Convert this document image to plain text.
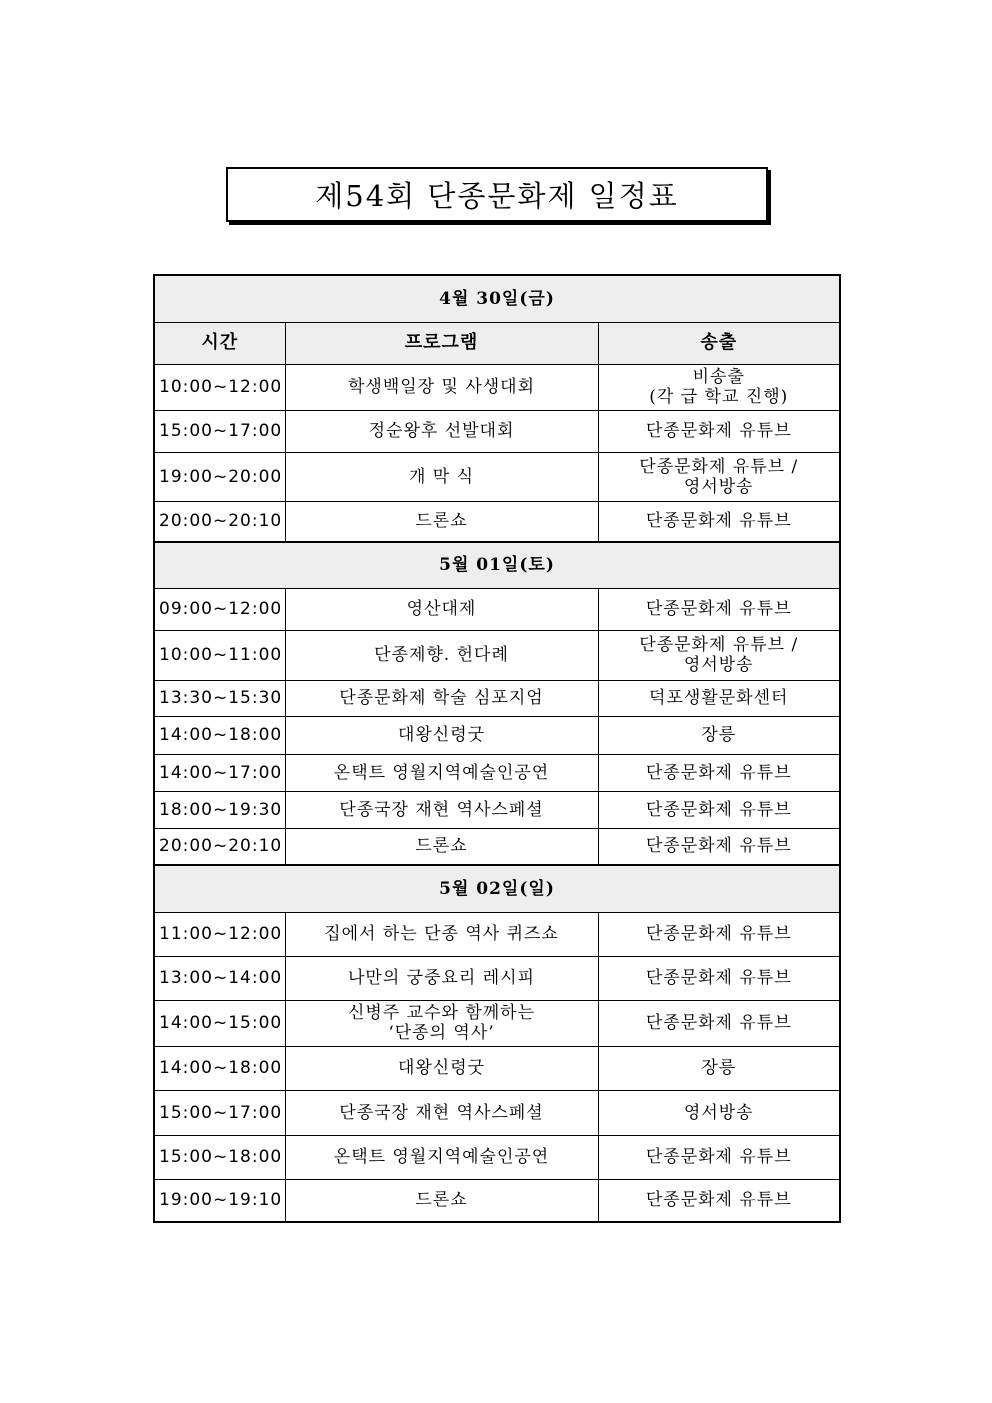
제54회 단종문화제 일정표
4월 30일(금)		
시간	프로그램	송출
10:00~12:00	학생백일장 및 사생대회	비송출
(각 급 학교 진행)

15:00~17:00	정순왕후 선발대회	단종문화제 유튜브

19:00~20:00	개 막 식	단종문화제 유튜브 /
영서방송

20:00~20:10	드론쇼	단종문화제 유튜브

5월 01일(토)		
09:00~12:00	영산대제	단종문화제 유튜브

10:00~11:00	단종제향. 헌다례	단종문화제 유튜브 /
영서방송

13:30~15:30	단종문화제 학술 심포지엄	덕포생활문화센터

14:00~18:00	대왕신령굿	장릉

14:00~17:00	온택트 영월지역예술인공연	단종문화제 유튜브

18:00~19:30	단종국장 재현 역사스페셜	단종문화제 유튜브

20:00~20:10	드론쇼	단종문화제 유튜브

5월 02일(일)		
11:00~12:00	집에서 하는 단종 역사 퀴즈쇼	단종문화제 유튜브

13:00~14:00	나만의 궁중요리 레시피	단종문화제 유튜브

14:00~15:00	신병주 교수와 함께하는
‘단종의 역사’	단종문화제 유튜브

14:00~18:00	대왕신령굿	장릉

15:00~17:00	단종국장 재현 역사스페셜	영서방송

15:00~18:00	온택트 영월지역예술인공연	단종문화제 유튜브

19:00~19:10	드론쇼	단종문화제 유튜브
